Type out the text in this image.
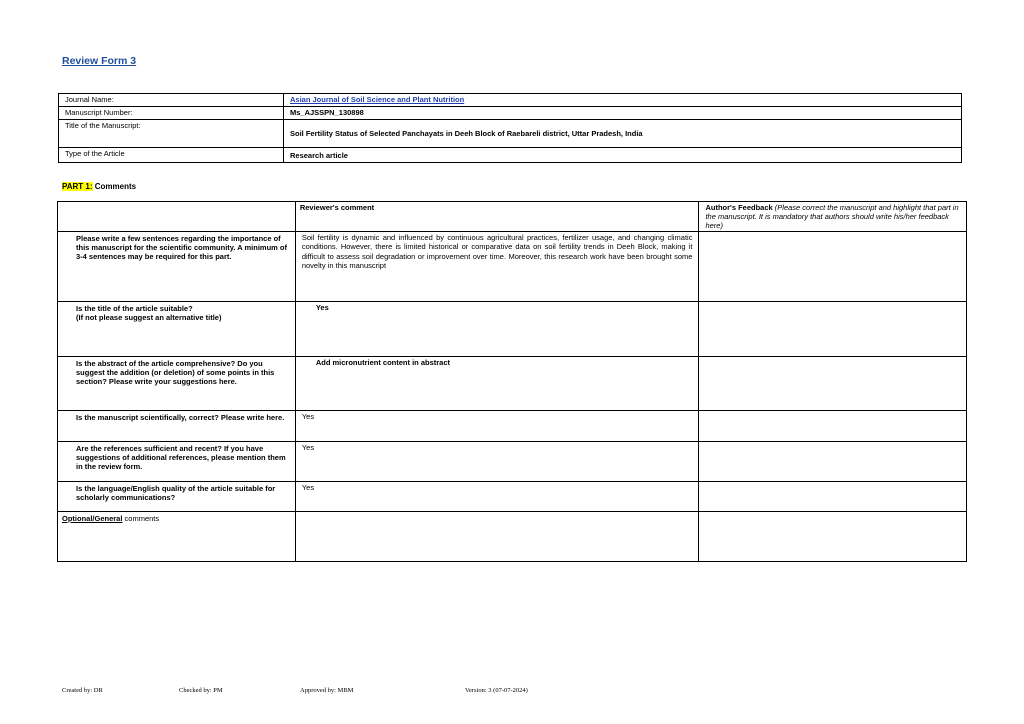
Review Form 3
Journal Name:	Asian Journal of Soil Science and Plant Nutrition
Manuscript Number:	Ms_AJSSPN_130898
Title of the Manuscript:	Soil Fertility Status of Selected Panchayats in Deeh Block of Raebareli district, Uttar Pradesh, India
Type of the Article	Research article
PART 1: Comments
	Reviewer's comment	Author's Feedback (Please correct the manuscript and highlight that part in the manuscript. It is mandatory that authors should write his/her feedback here)
Please write a few sentences regarding the importance of this manuscript for the scientific community. A minimum of 3-4 sentences may be required for this part.	Soil fertility is dynamic and influenced by continuous agricultural practices, fertilizer usage, and changing climatic conditions. However, there is limited historical or comparative data on soil fertility trends in Deeh Block, making it difficult to assess soil degradation or improvement over time. Moreover, this research work have been brought some novelty in this manuscript	
Is the title of the article suitable?
(If not please suggest an alternative title)	Yes	
Is the abstract of the article comprehensive? Do you suggest the addition (or deletion) of some points in this section? Please write your suggestions here.	Add micronutrient content in abstract	
Is the manuscript scientifically, correct? Please write here.	Yes	
Are the references sufficient and recent? If you have suggestions of additional references, please mention them in the review form.	Yes	
Is the language/English quality of the article suitable for scholarly communications?	Yes	
Optional/General comments		
Created by: DR	Checked by: PM	Approved by: MBM	Version: 3 (07-07-2024)
